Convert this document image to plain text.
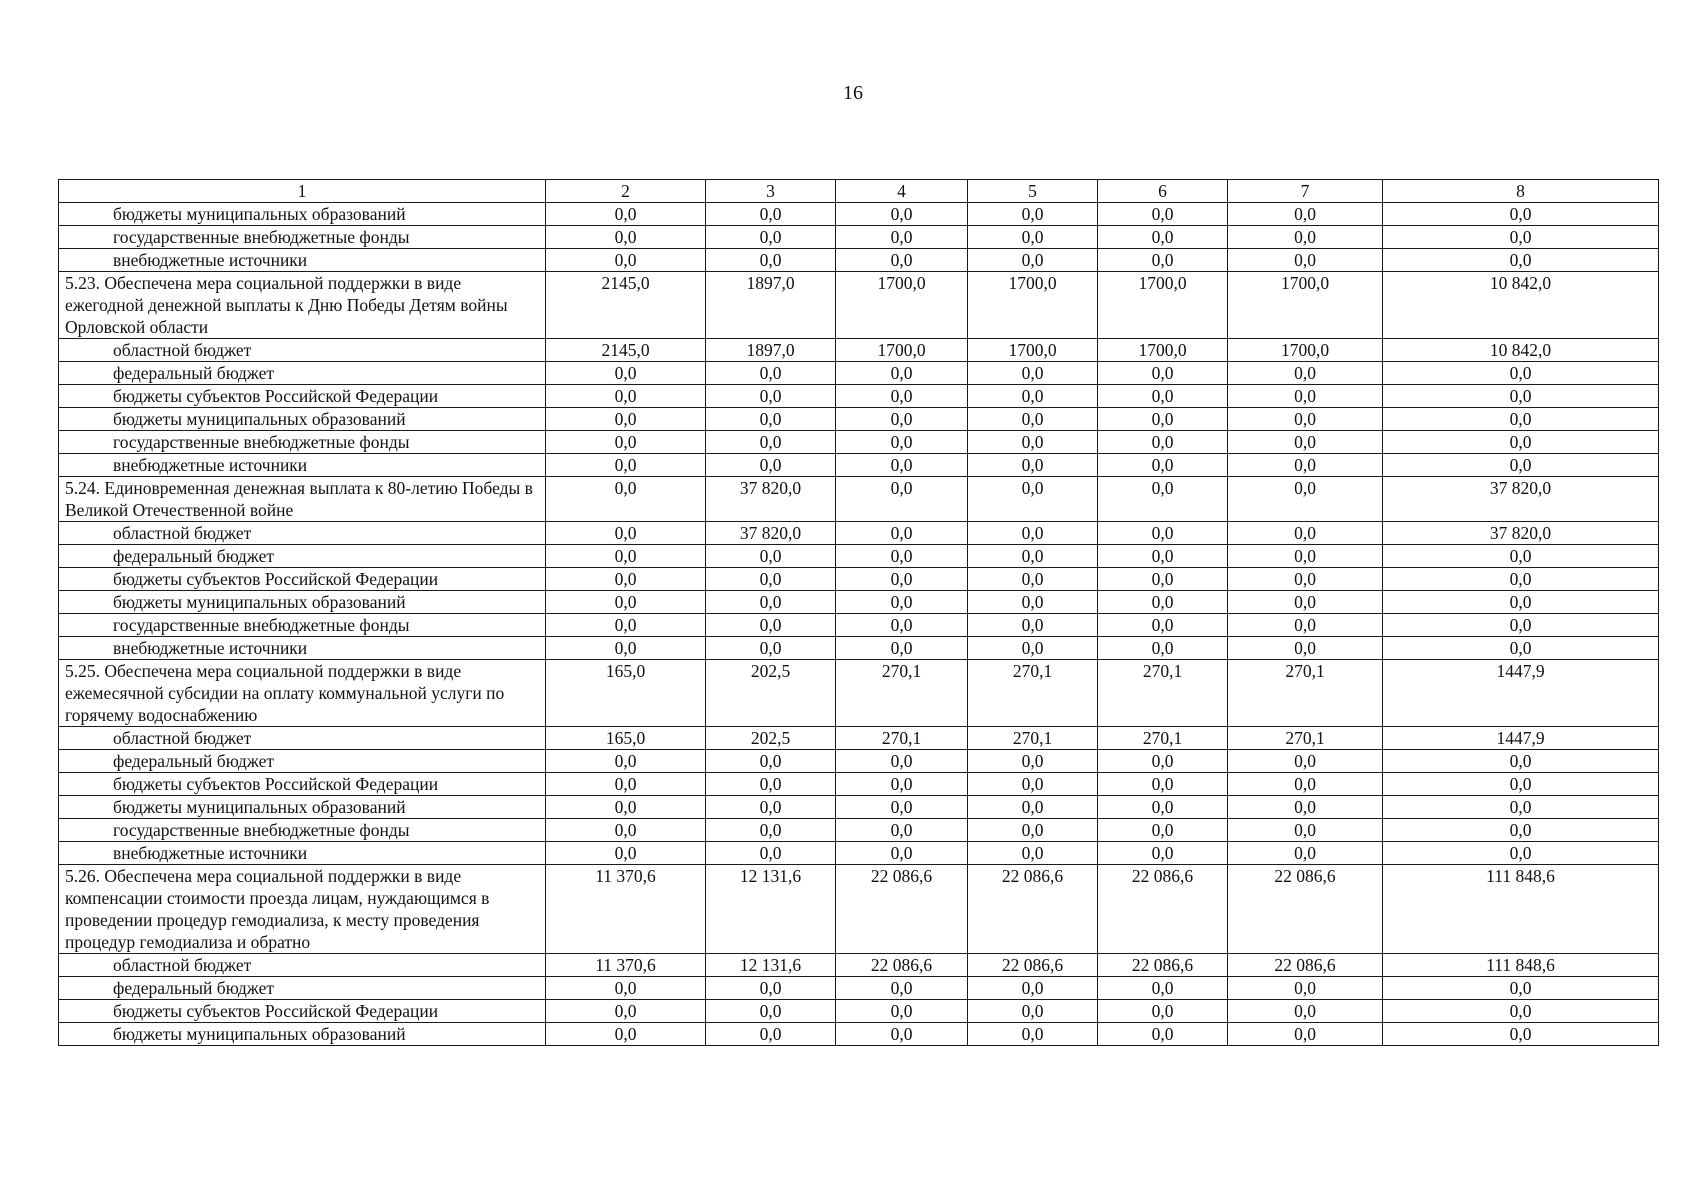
16
1	2	3	4	5	6	7	8
бюджеты муниципальных образований	0,0	0,0	0,0	0,0	0,0	0,0	0,0
государственные внебюджетные фонды	0,0	0,0	0,0	0,0	0,0	0,0	0,0
внебюджетные источники	0,0	0,0	0,0	0,0	0,0	0,0	0,0
5.23. Обеспечена мера социальной поддержки в виде ежегодной денежной выплаты к Дню Победы Детям войны Орловской области	2145,0	1897,0	1700,0	1700,0	1700,0	1700,0	10 842,0
областной бюджет	2145,0	1897,0	1700,0	1700,0	1700,0	1700,0	10 842,0
федеральный бюджет	0,0	0,0	0,0	0,0	0,0	0,0	0,0
бюджеты субъектов Российской Федерации	0,0	0,0	0,0	0,0	0,0	0,0	0,0
бюджеты муниципальных образований	0,0	0,0	0,0	0,0	0,0	0,0	0,0
государственные внебюджетные фонды	0,0	0,0	0,0	0,0	0,0	0,0	0,0
внебюджетные источники	0,0	0,0	0,0	0,0	0,0	0,0	0,0
5.24. Единовременная денежная выплата к 80-летию Победы в Великой Отечественной войне	0,0	37 820,0	0,0	0,0	0,0	0,0	37 820,0
областной бюджет	0,0	37 820,0	0,0	0,0	0,0	0,0	37 820,0
федеральный бюджет	0,0	0,0	0,0	0,0	0,0	0,0	0,0
бюджеты субъектов Российской Федерации	0,0	0,0	0,0	0,0	0,0	0,0	0,0
бюджеты муниципальных образований	0,0	0,0	0,0	0,0	0,0	0,0	0,0
государственные внебюджетные фонды	0,0	0,0	0,0	0,0	0,0	0,0	0,0
внебюджетные источники	0,0	0,0	0,0	0,0	0,0	0,0	0,0
5.25. Обеспечена мера социальной поддержки в виде ежемесячной субсидии на оплату коммунальной услуги по горячему водоснабжению	165,0	202,5	270,1	270,1	270,1	270,1	1447,9
областной бюджет	165,0	202,5	270,1	270,1	270,1	270,1	1447,9
федеральный бюджет	0,0	0,0	0,0	0,0	0,0	0,0	0,0
бюджеты субъектов Российской Федерации	0,0	0,0	0,0	0,0	0,0	0,0	0,0
бюджеты муниципальных образований	0,0	0,0	0,0	0,0	0,0	0,0	0,0
государственные внебюджетные фонды	0,0	0,0	0,0	0,0	0,0	0,0	0,0
внебюджетные источники	0,0	0,0	0,0	0,0	0,0	0,0	0,0
5.26. Обеспечена мера социальной поддержки в виде компенсации стоимости проезда лицам, нуждающимся в проведении процедур гемодиализа, к месту проведения процедур гемодиализа и обратно	11 370,6	12 131,6	22 086,6	22 086,6	22 086,6	22 086,6	111 848,6
областной бюджет	11 370,6	12 131,6	22 086,6	22 086,6	22 086,6	22 086,6	111 848,6
федеральный бюджет	0,0	0,0	0,0	0,0	0,0	0,0	0,0
бюджеты субъектов Российской Федерации	0,0	0,0	0,0	0,0	0,0	0,0	0,0
бюджеты муниципальных образований	0,0	0,0	0,0	0,0	0,0	0,0	0,0
